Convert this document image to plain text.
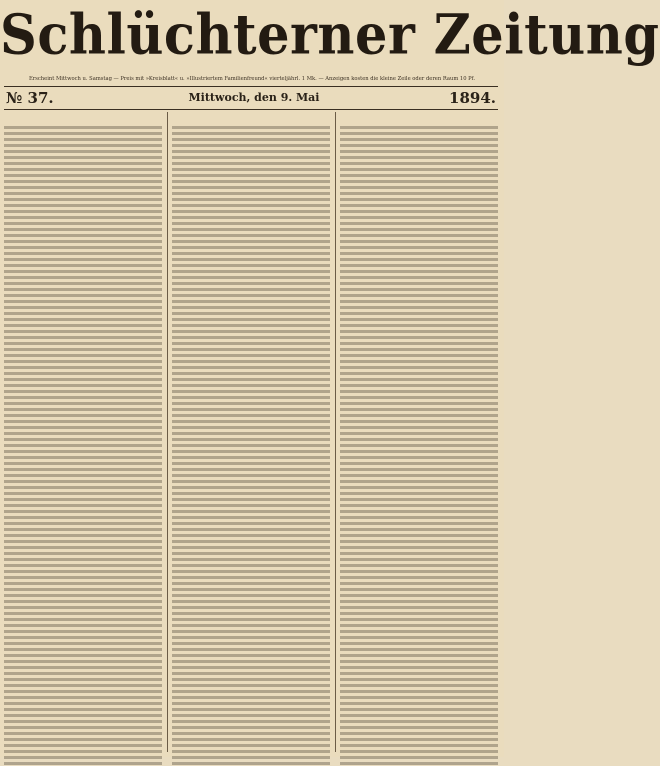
Schlüchterner Zeitung
Erscheint Mittwoch u. Samstag — Preis mit »Kreisblatt« u. »Illustriertem Familienfreund« vierteljährl. 1 Mk. — Anzeigen kosten die kleine Zeile oder deren Raum 10 Pf.
№ 37.	Mittwoch, den 9. Mai	1894.
